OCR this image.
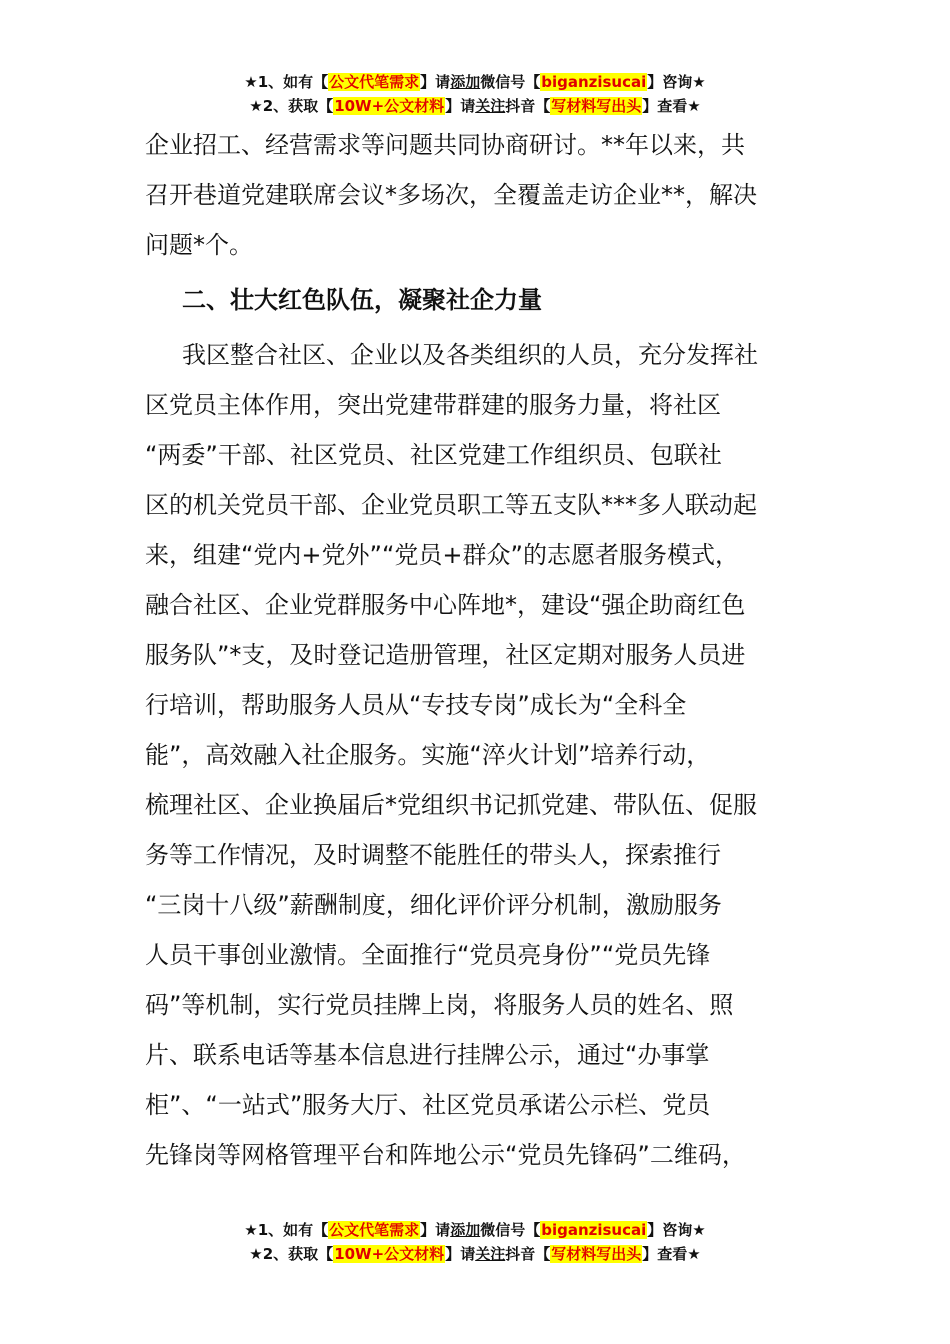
★1、如有【公文代笔需求】请添加微信号【biganzisucai】咨询★
★2、获取【10W+公文材料】请关注抖音【写材料写出头】查看★
企业招工、经营需求等问题共同协商研讨。**年以来，共
召开巷道党建联席会议*多场次，全覆盖走访企业**，解决
问题*个。
二、壮大红色队伍，凝聚社企力量
我区整合社区、企业以及各类组织的人员，充分发挥社
区党员主体作用，突出党建带群建的服务力量，将社区
“两委”干部、社区党员、社区党建工作组织员、包联社
区的机关党员干部、企业党员职工等五支队***多人联动起
来，组建“党内+党外”“党员+群众”的志愿者服务模式，
融合社区、企业党群服务中心阵地*，建设“强企助商红色
服务队”*支，及时登记造册管理，社区定期对服务人员进
行培训，帮助服务人员从“专技专岗”成长为“全科全
能”，高效融入社企服务。实施“淬火计划”培养行动，
梳理社区、企业换届后*党组织书记抓党建、带队伍、促服
务等工作情况，及时调整不能胜任的带头人，探索推行
“三岗十八级”薪酬制度，细化评价评分机制，激励服务
人员干事创业激情。全面推行“党员亮身份”“党员先锋
码”等机制，实行党员挂牌上岗，将服务人员的姓名、照
片、联系电话等基本信息进行挂牌公示，通过“办事掌
柜”、“一站式”服务大厅、社区党员承诺公示栏、党员
先锋岗等网格管理平台和阵地公示“党员先锋码”二维码，
★1、如有【公文代笔需求】请添加微信号【biganzisucai】咨询★
★2、获取【10W+公文材料】请关注抖音【写材料写出头】查看★
